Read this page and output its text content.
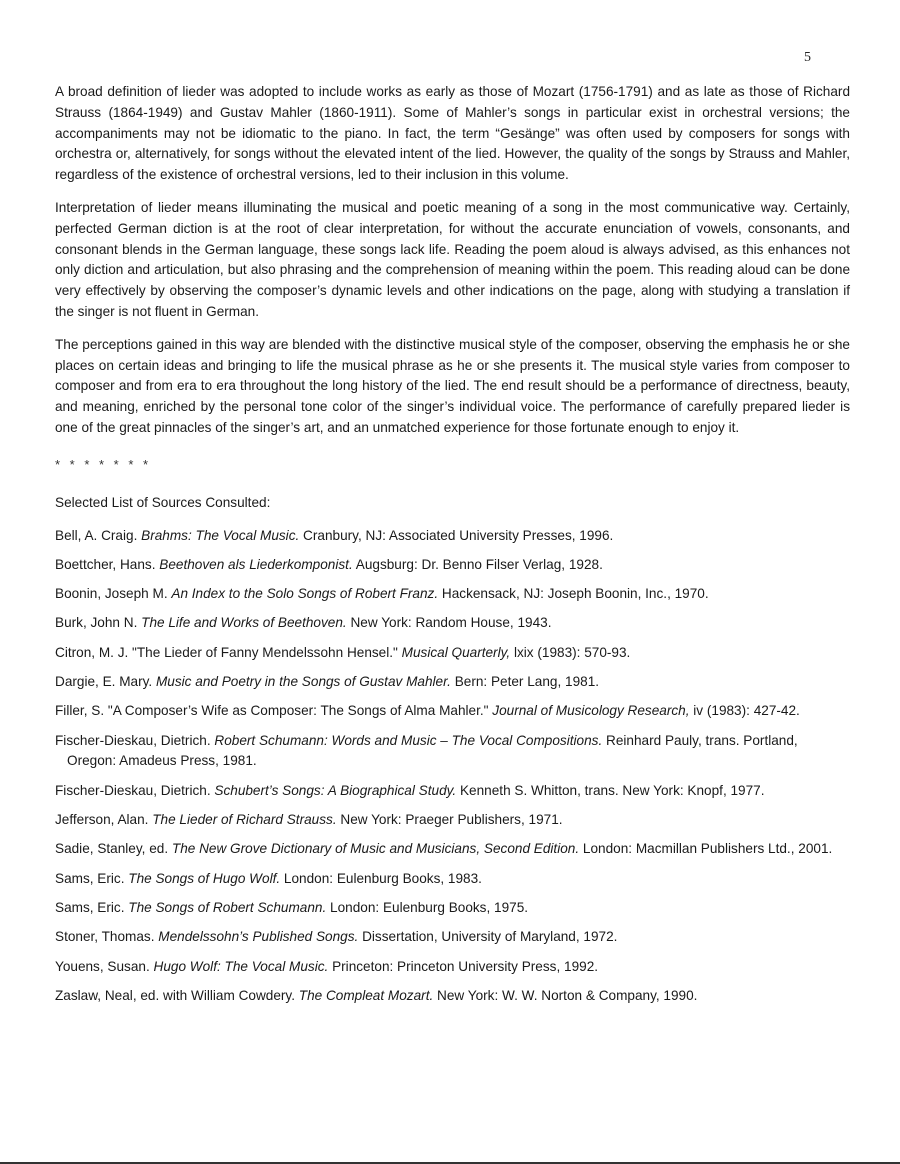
5

A broad definition of lieder was adopted to include works as early as those of Mozart (1756-1791) and as late as those of Richard Strauss (1864-1949) and Gustav Mahler (1860-1911). Some of Mahler’s songs in particular exist in orchestral versions; the accompaniments may not be idiomatic to the piano. In fact, the term “Gesänge” was often used by composers for songs with orchestra or, alternatively, for songs without the elevated intent of the lied. However, the quality of the songs by Strauss and Mahler, regardless of the existence of orchestral versions, led to their inclusion in this volume.

Interpretation of lieder means illuminating the musical and poetic meaning of a song in the most communicative way. Certainly, perfected German diction is at the root of clear interpretation, for without the accurate enunciation of vowels, consonants, and consonant blends in the German language, these songs lack life. Reading the poem aloud is always advised, as this enhances not only diction and articulation, but also phrasing and the comprehension of meaning within the poem. This reading aloud can be done very effectively by observing the composer’s dynamic levels and other indications on the page, along with studying a translation if the singer is not fluent in German.

The perceptions gained in this way are blended with the distinctive musical style of the composer, observing the emphasis he or she places on certain ideas and bringing to life the musical phrase as he or she presents it. The musical style varies from composer to composer and from era to era throughout the long history of the lied. The end result should be a performance of directness, beauty, and meaning, enriched by the personal tone color of the singer’s individual voice. The performance of carefully prepared lieder is one of the great pinnacles of the singer’s art, and an unmatched experience for those fortunate enough to enjoy it.

* * * * * * *
Selected List of Sources Consulted:
Bell, A. Craig. Brahms: The Vocal Music. Cranbury, NJ: Associated University Presses, 1996.
Boettcher, Hans. Beethoven als Liederkomponist. Augsburg: Dr. Benno Filser Verlag, 1928.
Boonin, Joseph M. An Index to the Solo Songs of Robert Franz. Hackensack, NJ: Joseph Boonin, Inc., 1970.
Burk, John N. The Life and Works of Beethoven. New York: Random House, 1943.
Citron, M. J. "The Lieder of Fanny Mendelssohn Hensel." Musical Quarterly, lxix (1983): 570-93.
Dargie, E. Mary. Music and Poetry in the Songs of Gustav Mahler. Bern: Peter Lang, 1981.
Filler, S. "A Composer’s Wife as Composer: The Songs of Alma Mahler." Journal of Musicology Research, iv (1983): 427-42.
Fischer-Dieskau, Dietrich. Robert Schumann: Words and Music – The Vocal Compositions. Reinhard Pauly, trans. Portland, Oregon: Amadeus Press, 1981.
Fischer-Dieskau, Dietrich. Schubert’s Songs: A Biographical Study. Kenneth S. Whitton, trans. New York: Knopf, 1977.
Jefferson, Alan. The Lieder of Richard Strauss. New York: Praeger Publishers, 1971.
Sadie, Stanley, ed. The New Grove Dictionary of Music and Musicians, Second Edition. London: Macmillan Publishers Ltd., 2001.
Sams, Eric. The Songs of Hugo Wolf. London: Eulenburg Books, 1983.
Sams, Eric. The Songs of Robert Schumann. London: Eulenburg Books, 1975.
Stoner, Thomas. Mendelssohn’s Published Songs. Dissertation, University of Maryland, 1972.
Youens, Susan. Hugo Wolf: The Vocal Music. Princeton: Princeton University Press, 1992.
Zaslaw, Neal, ed. with William Cowdery. The Compleat Mozart. New York: W. W. Norton & Company, 1990.
